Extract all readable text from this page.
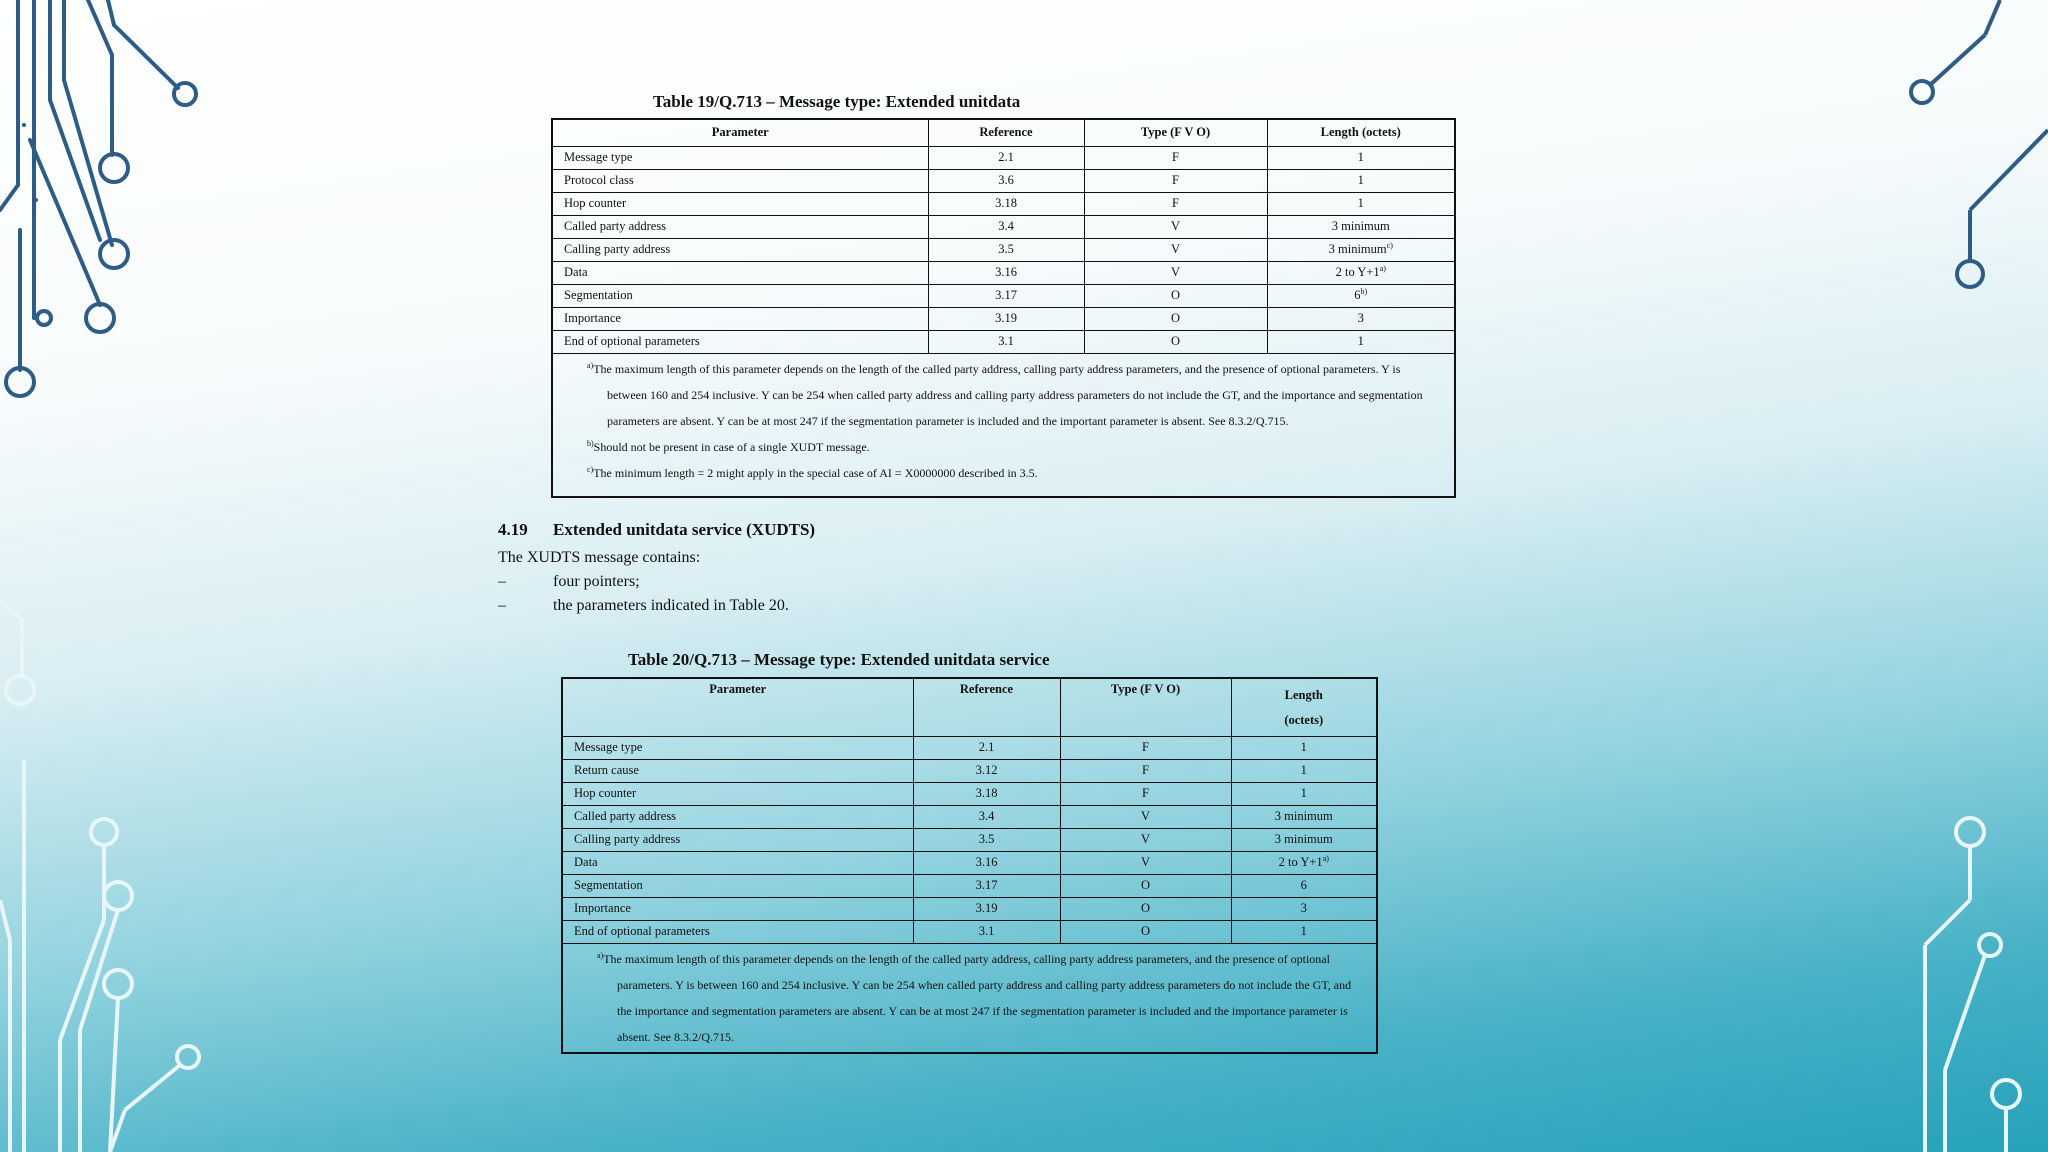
Table 19/Q.713 – Message type: Extended unitdata
Parameter	Reference	Type (F V O)	Length (octets)
Message type	2.1	F	1
Protocol class	3.6	F	1
Hop counter	3.18	F	1
Called party address	3.4	V	3 minimum
Calling party address	3.5	V	3 minimum$^{c)}$
Data	3.16	V	2 to $Y+1^{a)}$
Segmentation	3.17	O	6$^{b)}$
Importance	3.19	O	3
End of optional parameters	3.1	O	1

$^{a)}$The maximum length of this parameter depends on the length of the called party address, calling party address parameters, and the presence of optional parameters. Y is between 160 and 254 inclusive. Y can be 254 when called party address and calling party address parameters do not include the GT, and the importance and segmentation parameters are absent. Y can be at most 247 if the segmentation parameter is included and the important parameter is absent. See 8.3.2/Q.715.
$^{b)}$Should not be present in case of a single XUDT message.
$^{c)}$The minimum length = 2 might apply in the special case of AI = X0000000 described in 3.5.			
4.19 Extended unitdata service (XUDTS)
The XUDTS message contains:
–	four pointers;
–	the parameters indicated in Table 20.
Table 20/Q.713 – Message type: Extended unitdata service
Parameter	Reference	Type (F V O)	Length
(octets)
Message type	2.1	F	1
Return cause	3.12	F	1
Hop counter	3.18	F	1
Called party address	3.4	V	3 minimum
Calling party address	3.5	V	3 minimum
Data	3.16	V	2 to $Y+1^{a)}$
Segmentation	3.17	O	6
Importance	3.19	O	3
End of optional parameters	3.1	O	1

$^{a)}$The maximum length of this parameter depends on the length of the called party address, calling party address parameters, and the presence of optional parameters. Y is between 160 and 254 inclusive. Y can be 254 when called party address and calling party address parameters do not include the GT, and the importance and segmentation parameters are absent. Y can be at most 247 if the segmentation parameter is included and the importance parameter is absent. See 8.3.2/Q.715.			
